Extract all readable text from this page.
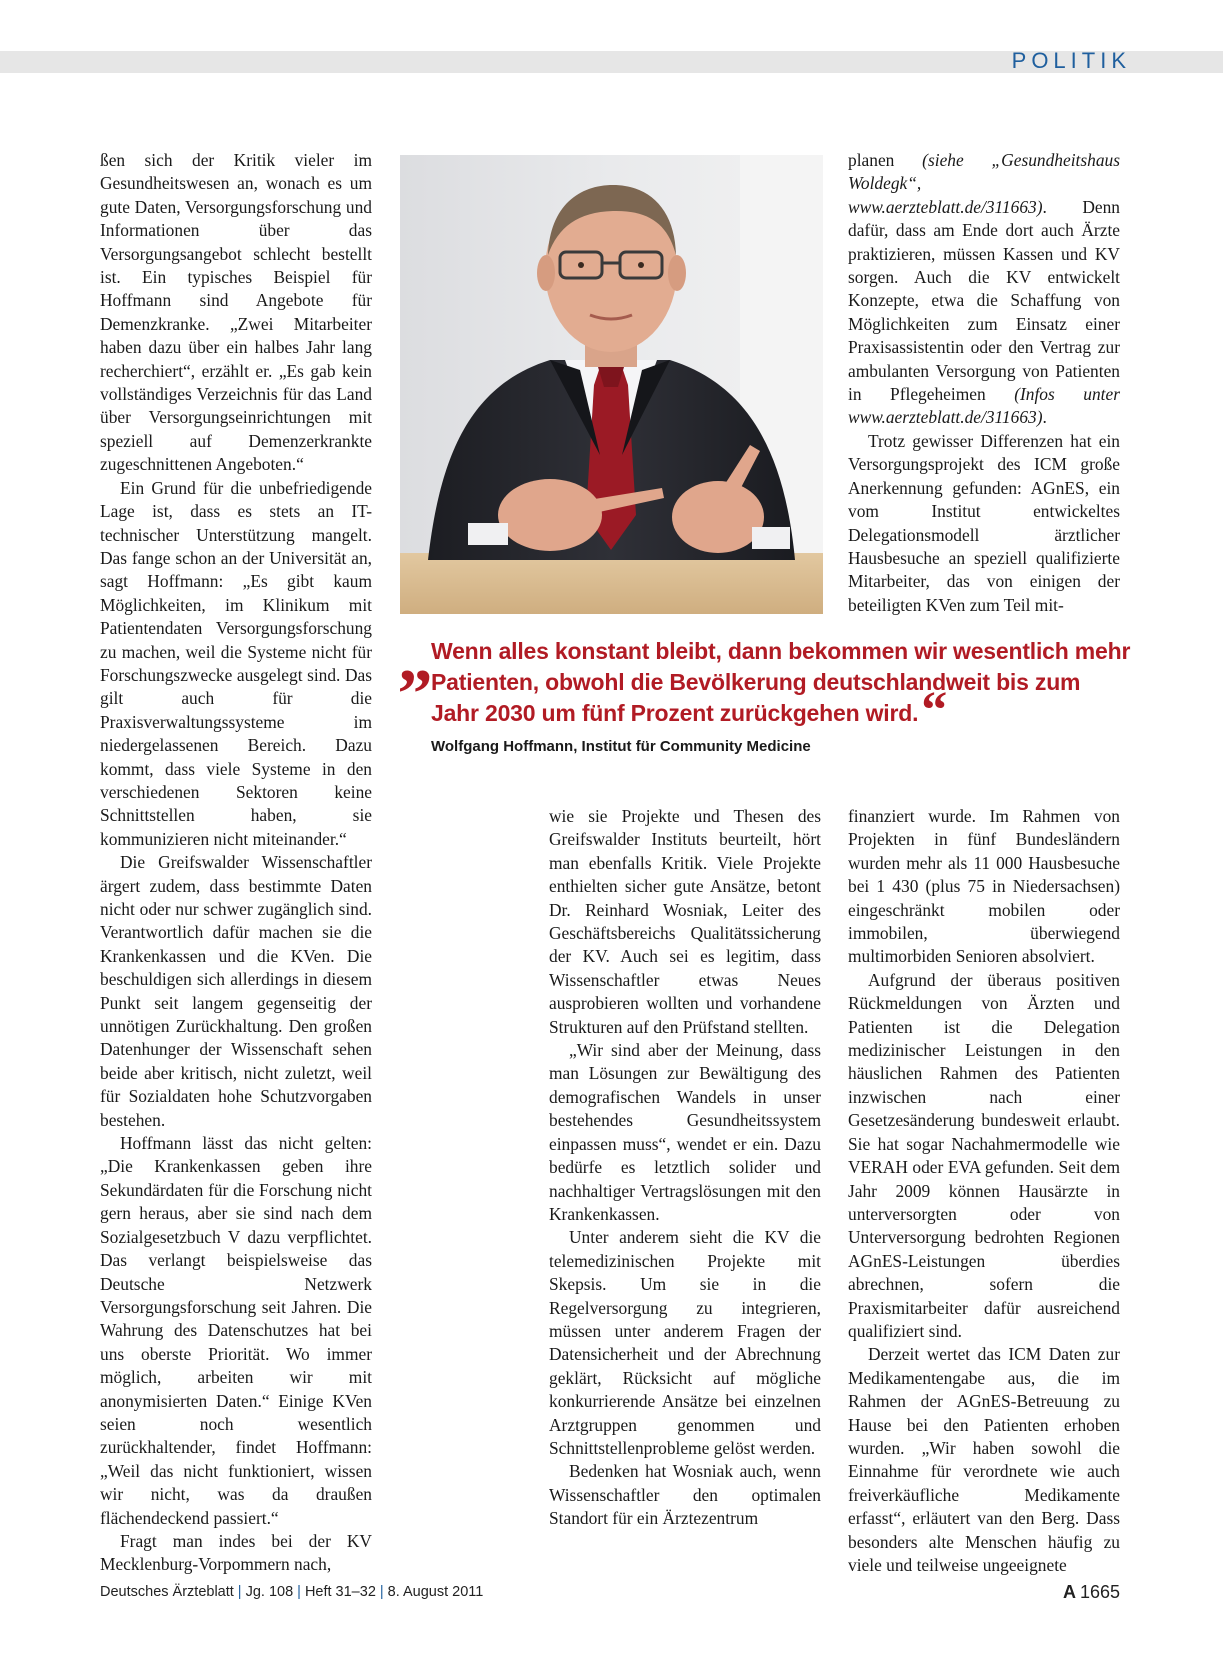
POLITIK

ßen sich der Kritik vieler im Gesundheitswesen an, wonach es um gute Daten, Versorgungsforschung und Informationen über das Versorgungsangebot schlecht bestellt ist. Ein typisches Beispiel für Hoffmann sind Angebote für Demenzkranke. „Zwei Mitarbeiter haben dazu über ein halbes Jahr lang recherchiert“, erzählt er. „Es gab kein vollständiges Verzeichnis für das Land über Versorgungseinrichtungen mit speziell auf Demenzerkrankte zugeschnittenen Angeboten.“

Ein Grund für die unbefriedigende Lage ist, dass es stets an IT-technischer Unterstützung mangelt. Das fange schon an der Universität an, sagt Hoffmann: „Es gibt kaum Möglichkeiten, im Klinikum mit Patientendaten Versorgungsforschung zu machen, weil die Systeme nicht für Forschungszwecke ausgelegt sind. Das gilt auch für die Praxisverwaltungssysteme im niedergelassenen Bereich. Dazu kommt, dass viele Systeme in den verschiedenen Sektoren keine Schnittstellen haben, sie kommunizieren nicht miteinander.“

Die Greifswalder Wissenschaftler ärgert zudem, dass bestimmte Daten nicht oder nur schwer zugänglich sind. Verantwortlich dafür machen sie die Krankenkassen und die KVen. Die beschuldigen sich allerdings in diesem Punkt seit langem gegenseitig der unnötigen Zurückhaltung. Den großen Datenhunger der Wissenschaft sehen beide aber kritisch, nicht zuletzt, weil für Sozialdaten hohe Schutzvorgaben bestehen.

Hoffmann lässt das nicht gelten: „Die Krankenkassen geben ihre Sekundärdaten für die Forschung nicht gern heraus, aber sie sind nach dem Sozialgesetzbuch V dazu verpflichtet. Das verlangt beispielsweise das Deutsche Netzwerk Versorgungsforschung seit Jahren. Die Wahrung des Datenschutzes hat bei uns oberste Priorität. Wo immer möglich, arbeiten wir mit anonymisierten Daten.“ Einige KVen seien noch wesentlich zurückhaltender, findet Hoffmann: „Weil das nicht funktioniert, wissen wir nicht, was da draußen flächendeckend passiert.“

Fragt man indes bei der KV Mecklenburg-Vorpommern nach,

planen (siehe „Gesundheitshaus Woldegk“, www.aerzteblatt.de/311663). Denn dafür, dass am Ende dort auch Ärzte praktizieren, müssen Kassen und KV sorgen. Auch die KV entwickelt Konzepte, etwa die Schaffung von Möglichkeiten zum Einsatz einer Praxisassistentin oder den Vertrag zur ambulanten Versorgung von Patienten in Pflegeheimen (Infos unter www.aerzteblatt.de/311663).

Trotz gewisser Differenzen hat ein Versorgungsprojekt des ICM große Anerkennung gefunden: AGnES, ein vom Institut entwickeltes Delegationsmodell ärztlicher Hausbesuche an speziell qualifizierte Mitarbeiter, das von einigen der beteiligten KVen zum Teil mit-

„
Wenn alles konstant bleibt, dann bekommen wir wesentlich mehr Patienten, obwohl die Bevölkerung deutschlandweit bis zum Jahr 2030 um fünf Prozent zurückgehen wird.“
Wolfgang Hoffmann, Institut für Community Medicine

wie sie Projekte und Thesen des Greifswalder Instituts beurteilt, hört man ebenfalls Kritik. Viele Projekte enthielten sicher gute Ansätze, betont Dr. Reinhard Wosniak, Leiter des Geschäftsbereichs Qualitätssicherung der KV. Auch sei es legitim, dass Wissenschaftler etwas Neues ausprobieren wollten und vorhandene Strukturen auf den Prüfstand stellten.

„Wir sind aber der Meinung, dass man Lösungen zur Bewältigung des demografischen Wandels in unser bestehendes Gesundheitssystem einpassen muss“, wendet er ein. Dazu bedürfe es letztlich solider und nachhaltiger Vertragslösungen mit den Krankenkassen.

Unter anderem sieht die KV die telemedizinischen Projekte mit Skepsis. Um sie in die Regelversorgung zu integrieren, müssen unter anderem Fragen der Datensicherheit und der Abrechnung geklärt, Rücksicht auf mögliche konkurrierende Ansätze bei einzelnen Arztgruppen genommen und Schnittstellenprobleme gelöst werden.

Bedenken hat Wosniak auch, wenn Wissenschaftler den optimalen Standort für ein Ärztezentrum

finanziert wurde. Im Rahmen von Projekten in fünf Bundesländern wurden mehr als 11 000 Hausbesuche bei 1 430 (plus 75 in Niedersachsen) eingeschränkt mobilen oder immobilen, überwiegend multimorbiden Senioren absolviert.

Aufgrund der überaus positiven Rückmeldungen von Ärzten und Patienten ist die Delegation medizinischer Leistungen in den häuslichen Rahmen des Patienten inzwischen nach einer Gesetzesänderung bundesweit erlaubt. Sie hat sogar Nachahmermodelle wie VERAH oder EVA gefunden. Seit dem Jahr 2009 können Hausärzte in unterversorgten oder von Unterversorgung bedrohten Regionen AGnES-Leistungen überdies abrechnen, sofern die Praxismitarbeiter dafür ausreichend qualifiziert sind.

Derzeit wertet das ICM Daten zur Medikamentengabe aus, die im Rahmen der AGnES-Betreuung zu Hause bei den Patienten erhoben wurden. „Wir haben sowohl die Einnahme für verordnete wie auch freiverkäufliche Medikamente erfasst“, erläutert van den Berg. Dass besonders alte Menschen häufig zu viele und teilweise ungeeignete

Deutsches Ärzteblatt | Jg. 108 | Heft 31–32 | 8. August 2011	A 1665
